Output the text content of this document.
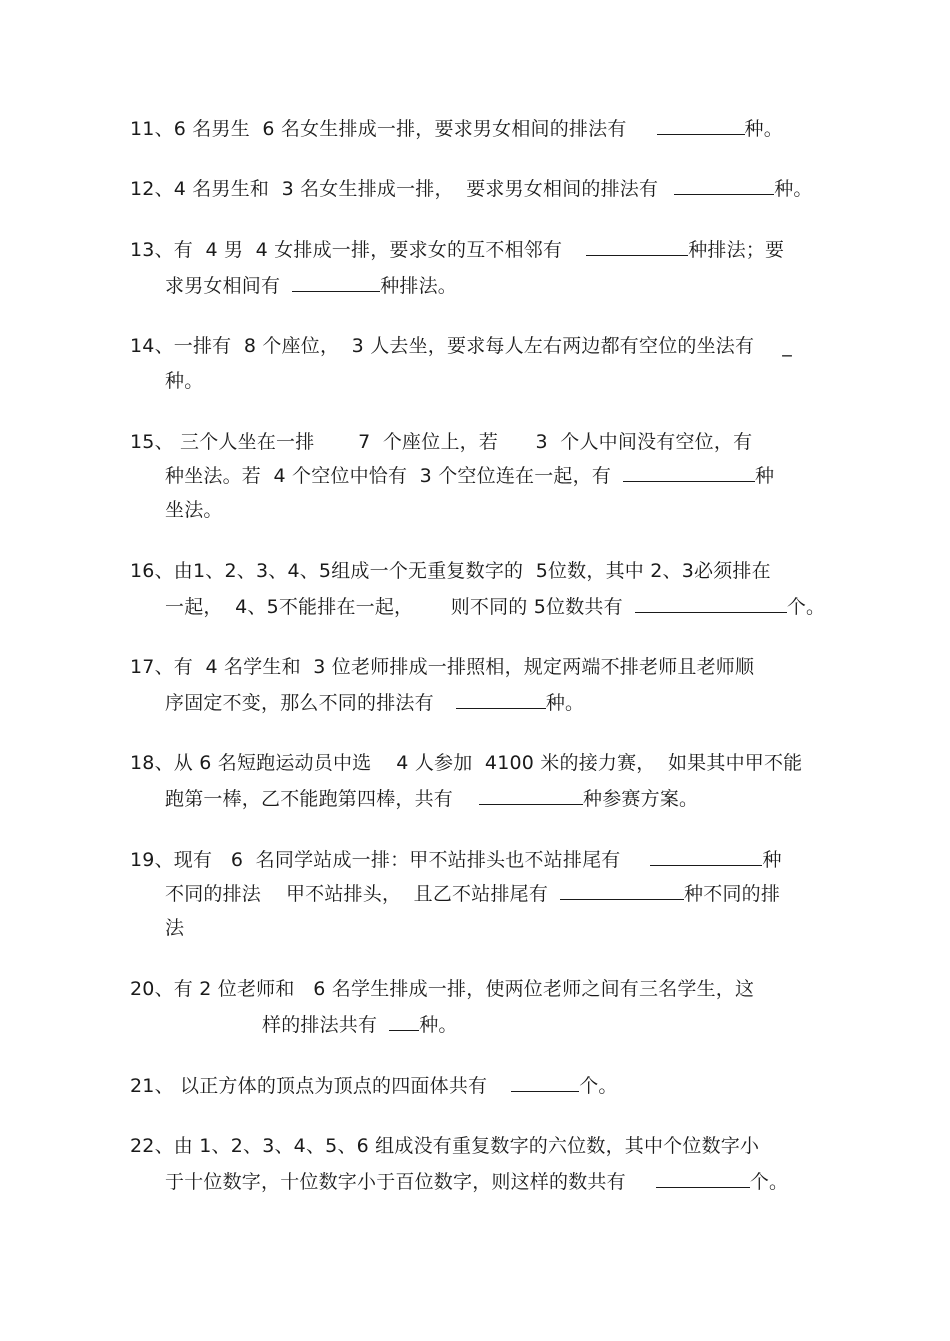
11、6 名男生  6 名女生排成一排，要求男女相间的排法有	种。
12、4 名男生和  3 名女生排成一排，  要求男女相间的排法有	种。
13、有  4 男  4 女排成一排，要求女的互不相邻有	种排法；要
求男女相间有	种排法。
14、一排有  8 个座位，  3 人去坐，要求每人左右两边都有空位的坐法有 _
种。
15、 三个人坐在一排       7  个座位上，若      3  个人中间没有空位，有
种坐法。若  4 个空位中恰有  3 个空位连在一起，有	种
坐法。
16、由1、2、3、4、5组成一个无重复数字的  5位数，其中 2、3必须排在
一起，  4、5不能排在一起，      则不同的 5位数共有	个。
17、有  4 名学生和  3 位老师排成一排照相，规定两端不排老师且老师顺
序固定不变，那么不同的排法有	种。
18、从 6 名短跑运动员中选    4 人参加  4100 米的接力赛，  如果其中甲不能
跑第一棒，乙不能跑第四棒，共有	种参赛方案。
19、现有   6  名同学站成一排：甲不站排头也不站排尾有	种
不同的排法    甲不站排头，  且乙不站排尾有	种不同的排
法
20、有 2 位老师和   6 名学生排成一排，使两位老师之间有三名学生，这
样的排法共有 种。
21、 以正方体的顶点为顶点的四面体共有	个。
22、由 1、2、3、4、5、6 组成没有重复数字的六位数，其中个位数字小
于十位数字，十位数字小于百位数字，则这样的数共有	个。
